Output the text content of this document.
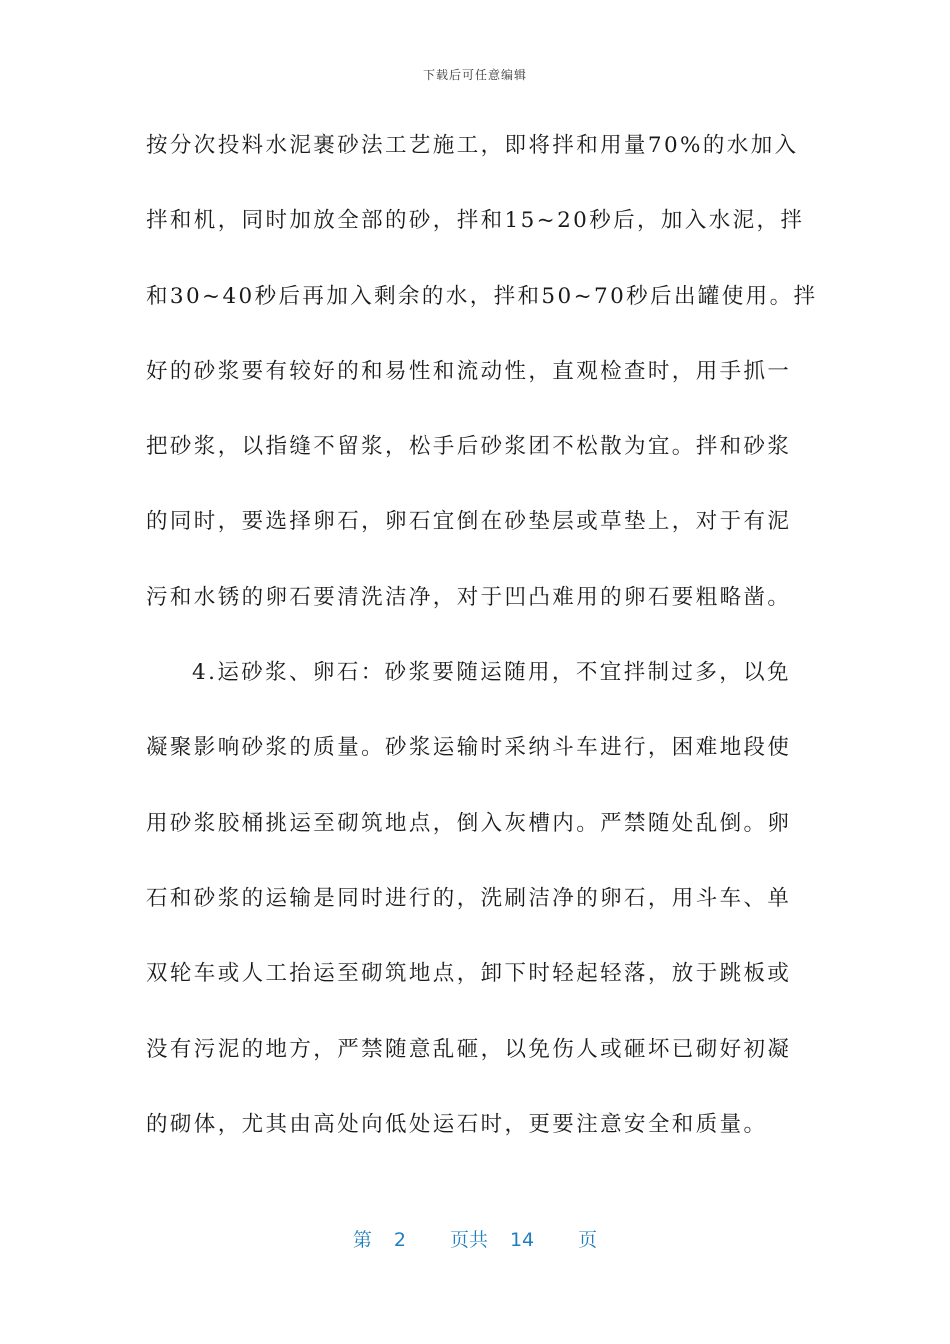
下载后可任意编辑
按分次投料水泥裹砂法工艺施工，即将拌和用量70%的水加入
拌和机，同时加放全部的砂，拌和15~20秒后，加入水泥，拌
和30~40秒后再加入剩余的水，拌和50~70秒后出罐使用。拌
好的砂浆要有较好的和易性和流动性，直观检查时，用手抓一
把砂浆，以指缝不留浆，松手后砂浆团不松散为宜。拌和砂浆
的同时，要选择卵石，卵石宜倒在砂垫层或草垫上，对于有泥
污和水锈的卵石要清洗洁净，对于凹凸难用的卵石要粗略凿。
4.运砂浆、卵石：砂浆要随运随用，不宜拌制过多，以免
凝聚影响砂浆的质量。砂浆运输时采纳斗车进行，困难地段使
用砂浆胶桶挑运至砌筑地点，倒入灰槽内。严禁随处乱倒。卵
石和砂浆的运输是同时进行的，洗刷洁净的卵石，用斗车、单
双轮车或人工抬运至砌筑地点，卸下时轻起轻落，放于跳板或
没有污泥的地方，严禁随意乱砸，以免伤人或砸坏已砌好初凝
的砌体，尤其由高处向低处运石时，更要注意安全和质量。
第 2 页共 14 页
